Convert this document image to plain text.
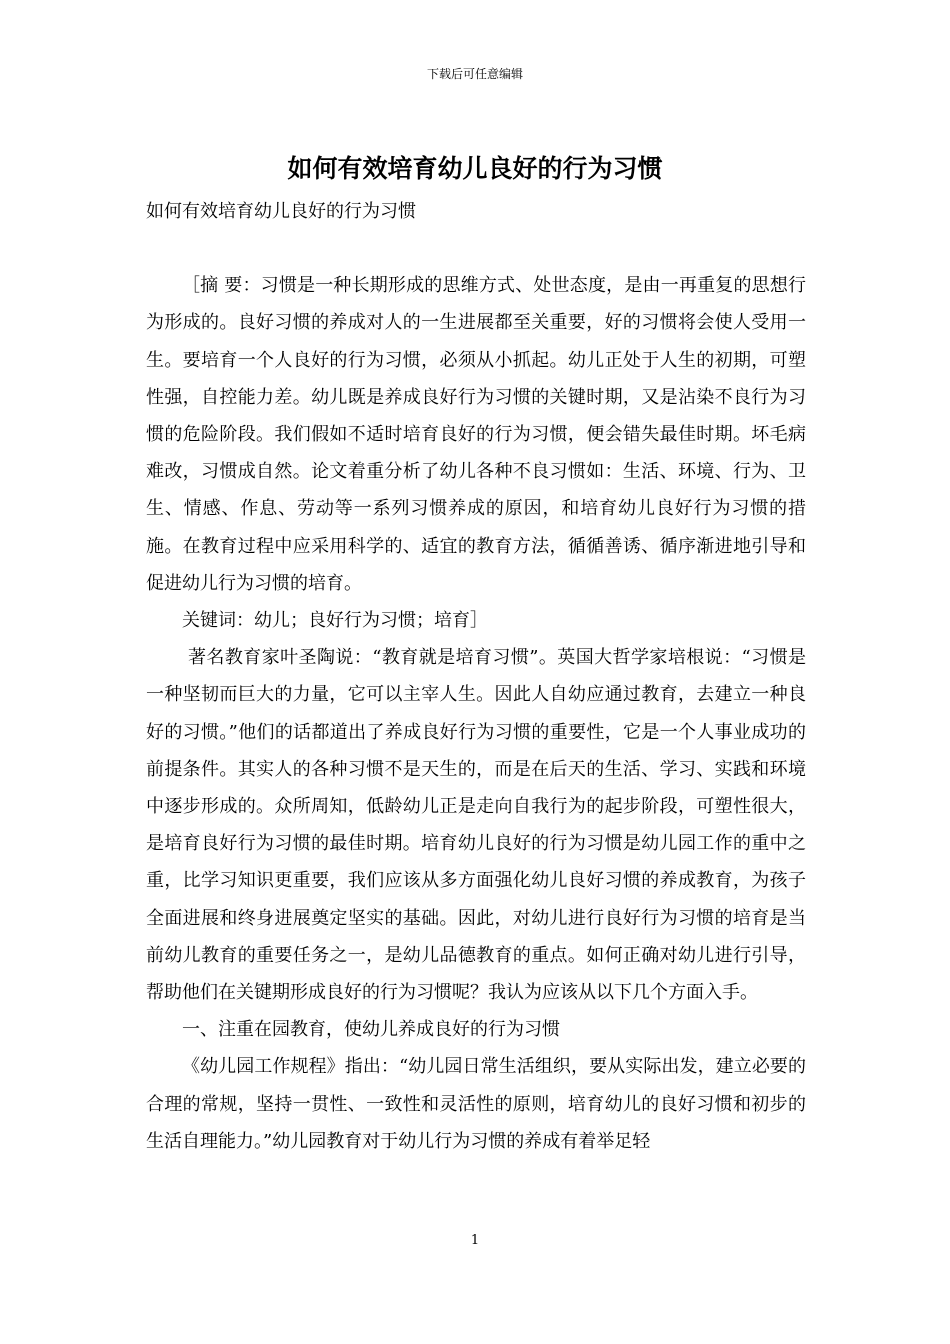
下载后可任意编辑
如何有效培育幼儿良好的行为习惯

如何有效培育幼儿良好的行为习惯

［摘 要：习惯是一种长期形成的思维方式、处世态度，是由一再重复的思想行为形成的。良好习惯的养成对人的一生进展都至关重要，好的习惯将会使人受用一生。要培育一个人良好的行为习惯，必须从小抓起。幼儿正处于人生的初期，可塑性强，自控能力差。幼儿既是养成良好行为习惯的关键时期，又是沾染不良行为习惯的危险阶段。我们假如不适时培育良好的行为习惯，便会错失最佳时期。坏毛病难改，习惯成自然。论文着重分析了幼儿各种不良习惯如：生活、环境、行为、卫生、情感、作息、劳动等一系列习惯养成的原因，和培育幼儿良好行为习惯的措施。在教育过程中应采用科学的、适宜的教育方法，循循善诱、循序渐进地引导和促进幼儿行为习惯的培育。

关键词：幼儿；良好行为习惯；培育］

著名教育家叶圣陶说：“教育就是培育习惯”。英国大哲学家培根说：“习惯是一种坚韧而巨大的力量，它可以主宰人生。因此人自幼应通过教育，去建立一种良好的习惯。”他们的话都道出了养成良好行为习惯的重要性，它是一个人事业成功的前提条件。其实人的各种习惯不是天生的，而是在后天的生活、学习、实践和环境中逐步形成的。众所周知，低龄幼儿正是走向自我行为的起步阶段，可塑性很大，是培育良好行为习惯的最佳时期。培育幼儿良好的行为习惯是幼儿园工作的重中之重，比学习知识更重要，我们应该从多方面强化幼儿良好习惯的养成教育，为孩子全面进展和终身进展奠定坚实的基础。因此，对幼儿进行良好行为习惯的培育是当前幼儿教育的重要任务之一，是幼儿品德教育的重点。如何正确对幼儿进行引导，帮助他们在关键期形成良好的行为习惯呢？我认为应该从以下几个方面入手。

一、注重在园教育，使幼儿养成良好的行为习惯

《幼儿园工作规程》指出：“幼儿园日常生活组织，要从实际出发，建立必要的合理的常规，坚持一贯性、一致性和灵活性的原则，培育幼儿的良好习惯和初步的生活自理能力。”幼儿园教育对于幼儿行为习惯的养成有着举足轻

1
